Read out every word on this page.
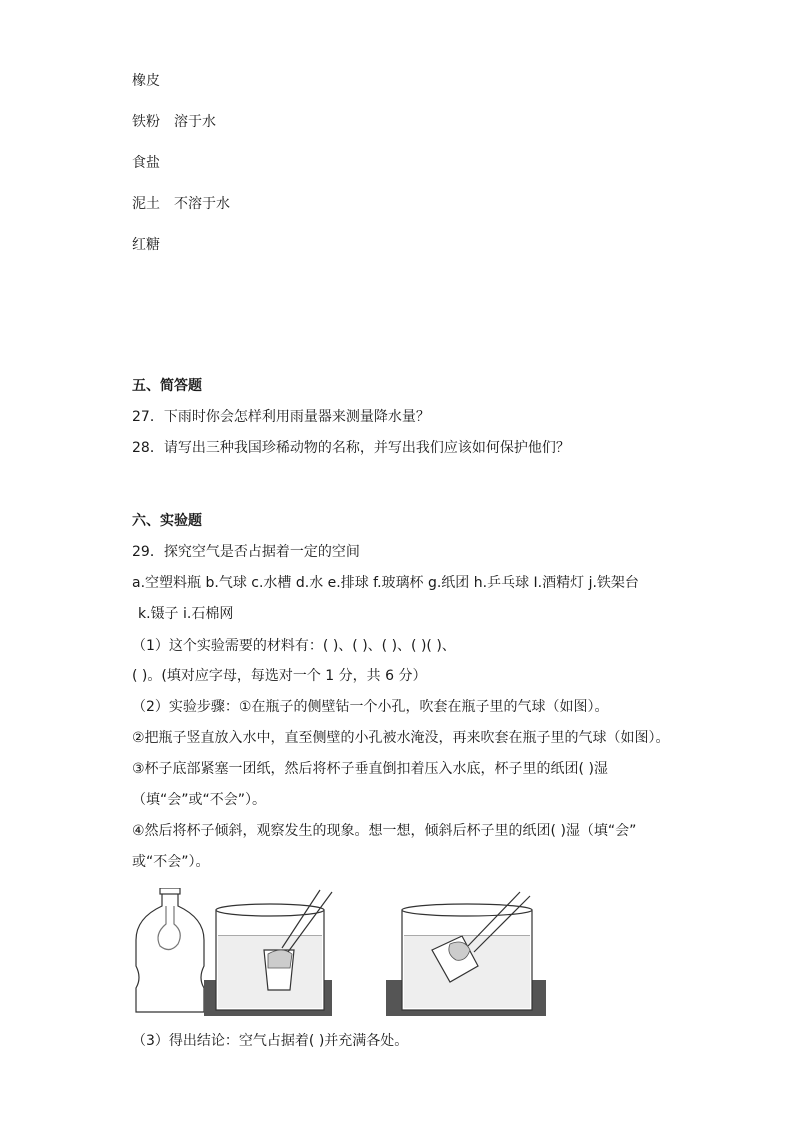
橡皮
铁粉 溶于水
食盐
泥土 不溶于水
红糖
五、简答题
27．下雨时你会怎样利用雨量器来测量降水量？
28．请写出三种我国珍稀动物的名称，并写出我们应该如何保护他们？
六、实验题
29．探究空气是否占据着一定的空间
a.空塑料瓶 b.气球 c.水槽 d.水 e.排球 f.玻璃杯 g.纸团 h.乒乓球 I.酒精灯 j.铁架台
k.镊子 i.石棉网
（1）这个实验需要的材料有：( )、( )、( )、( )( )、
( )。(填对应字母，每选对一个 1 分，共 6 分）
（2）实验步骤：①在瓶子的侧壁钻一个小孔，吹套在瓶子里的气球（如图）。
②把瓶子竖直放入水中，直至侧壁的小孔被水淹没，再来吹套在瓶子里的气球（如图）。
③杯子底部紧塞一团纸，然后将杯子垂直倒扣着压入水底，杯子里的纸团( )湿
（填“会”或“不会”）。
④然后将杯子倾斜，观察发生的现象。想一想，倾斜后杯子里的纸团( )湿（填“会”
或“不会”）。
（3）得出结论：空气占据着( )并充满各处。
